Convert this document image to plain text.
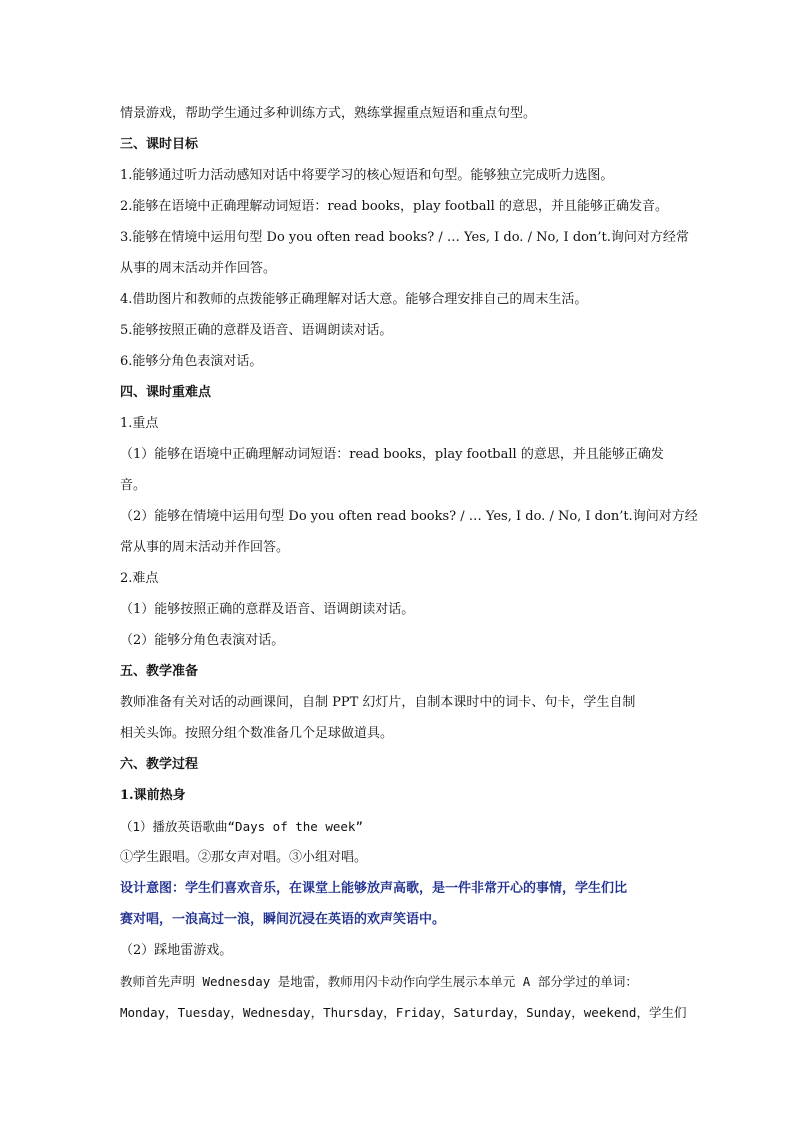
情景游戏，帮助学生通过多种训练方式，熟练掌握重点短语和重点句型。
三、课时目标
1.能够通过听力活动感知对话中将要学习的核心短语和句型。能够独立完成听力选图。
2.能够在语境中正确理解动词短语：read books，play football 的意思，并且能够正确发音。
3.能够在情境中运用句型 Do you often read books? / … Yes, I do. / No, I don’t.询问对方经常
从事的周末活动并作回答。
4.借助图片和教师的点拨能够正确理解对话大意。能够合理安排自己的周末生活。
5.能够按照正确的意群及语音、语调朗读对话。
6.能够分角色表演对话。
四、课时重难点
1.重点
（1）能够在语境中正确理解动词短语：read books，play football 的意思，并且能够正确发
音。
（2）能够在情境中运用句型 Do you often read books? / … Yes, I do. / No, I don’t.询问对方经
常从事的周末活动并作回答。
2.难点
（1）能够按照正确的意群及语音、语调朗读对话。
（2）能够分角色表演对话。
五、教学准备
教师准备有关对话的动画课间，自制 PPT 幻灯片，自制本课时中的词卡、句卡，学生自制
相关头饰。按照分组个数准备几个足球做道具。
六、教学过程
1.课前热身
（1）播放英语歌曲“Days of the week”
①学生跟唱。②那女声对唱。③小组对唱。
设计意图：学生们喜欢音乐，在课堂上能够放声高歌，是一件非常开心的事情，学生们比
赛对唱，一浪高过一浪，瞬间沉浸在英语的欢声笑语中。
（2）踩地雷游戏。
教师首先声明 Wednesday 是地雷，教师用闪卡动作向学生展示本单元 A 部分学过的单词：
Monday，Tuesday，Wednesday，Thursday，Friday，Saturday，Sunday，weekend，学生们
